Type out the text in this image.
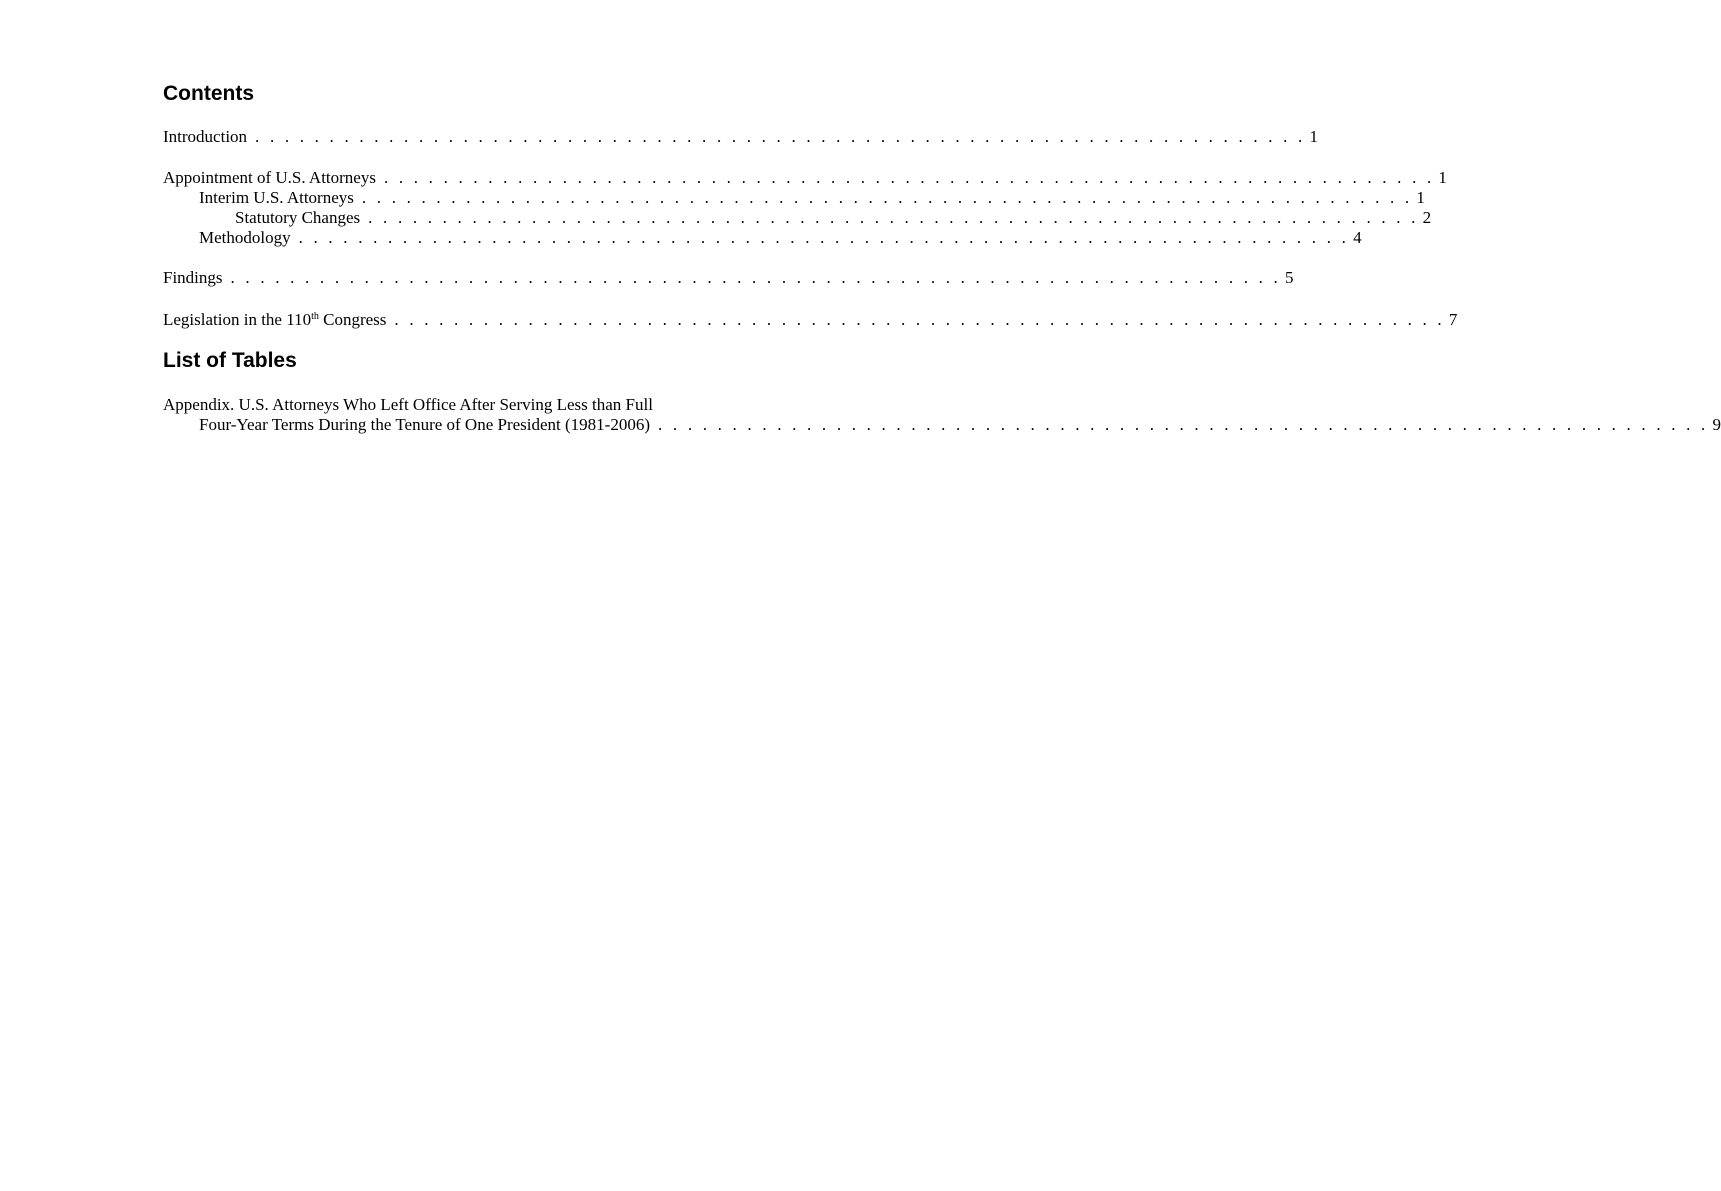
Contents
Introduction . . . . . . . . . . . . . . . . . . . . . . . . . . . . . . . . . . . . . . . . . . . . . . . . . . . . . . . . . . . . . . . . . . . . . . . 1
Appointment of U.S. Attorneys . . . . . . . . . . . . . . . . . . . . . . . . . . . . . . . . . . . . . . . . . . . . . . . . . . . . . . . . . . . . . . . . . . . . . . . 1
Interim U.S. Attorneys . . . . . . . . . . . . . . . . . . . . . . . . . . . . . . . . . . . . . . . . . . . . . . . . . . . . . . . . . . . . . . . . . . . . . . . 1
Statutory Changes . . . . . . . . . . . . . . . . . . . . . . . . . . . . . . . . . . . . . . . . . . . . . . . . . . . . . . . . . . . . . . . . . . . . . . . 2
Methodology . . . . . . . . . . . . . . . . . . . . . . . . . . . . . . . . . . . . . . . . . . . . . . . . . . . . . . . . . . . . . . . . . . . . . . . 4
Findings . . . . . . . . . . . . . . . . . . . . . . . . . . . . . . . . . . . . . . . . . . . . . . . . . . . . . . . . . . . . . . . . . . . . . . . 5
Legislation in the 110th Congress . . . . . . . . . . . . . . . . . . . . . . . . . . . . . . . . . . . . . . . . . . . . . . . . . . . . . . . . . . . . . . . . . . . . . . . 7
List of Tables
Appendix. U.S. Attorneys Who Left Office After Serving Less than Full
Four-Year Terms During the Tenure of One President (1981-2006) . . . . . . . . . . . . . . . . . . . . . . . . . . . . . . . . . . . . . . . . . . . . . . . . . . . . . . . . . . . . . . . . . . . . . . . 9
